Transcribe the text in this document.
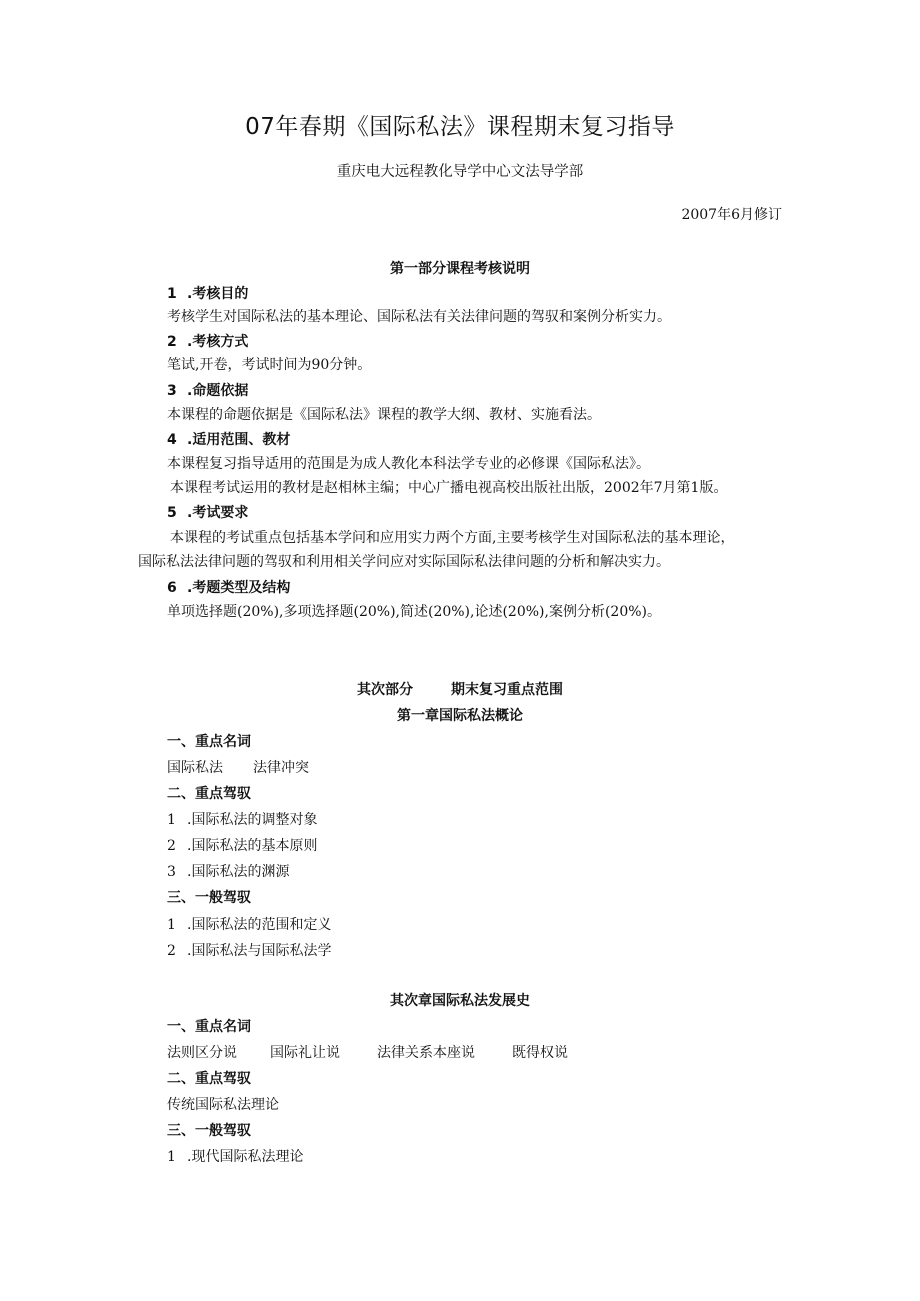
07年春期《国际私法》课程期末复习指导
重庆电大远程教化导学中心文法导学部
2007年6月修订
第一部分课程考核说明
1 .考核目的
考核学生对国际私法的基本理论、国际私法有关法律问题的驾驭和案例分析实力。
2 .考核方式
笔试,开卷，考试时间为90分钟。
3 .命题依据
本课程的命题依据是《国际私法》课程的教学大纲、教材、实施看法。
4 .适用范围、教材
本课程复习指导适用的范围是为成人教化本科法学专业的必修课《国际私法》。
本课程考试运用的教材是赵相林主编；中心广播电视高校出版社出版，2002年7月第1版。
5 .考试要求
本课程的考试重点包括基本学问和应用实力两个方面,主要考核学生对国际私法的基本理论，
国际私法法律问题的驾驭和利用相关学问应对实际国际私法律问题的分析和解决实力。
6 .考题类型及结构
单项选择题(20%),多项选择题(20%),简述(20%),论述(20%),案例分析(20%)。
其次部分	期末复习重点范围
第一章国际私法概论
一、重点名词
国际私法 法律冲突
二、重点驾驭
1 .国际私法的调整对象
2 .国际私法的基本原则
3 .国际私法的渊源
三、一般驾驭
1 .国际私法的范围和定义
2 .国际私法与国际私法学
其次章国际私法发展史
一、重点名词
法则区分说 国际礼让说	法律关系本座说	既得权说
二、重点驾驭
传统国际私法理论
三、一般驾驭
1 .现代国际私法理论
